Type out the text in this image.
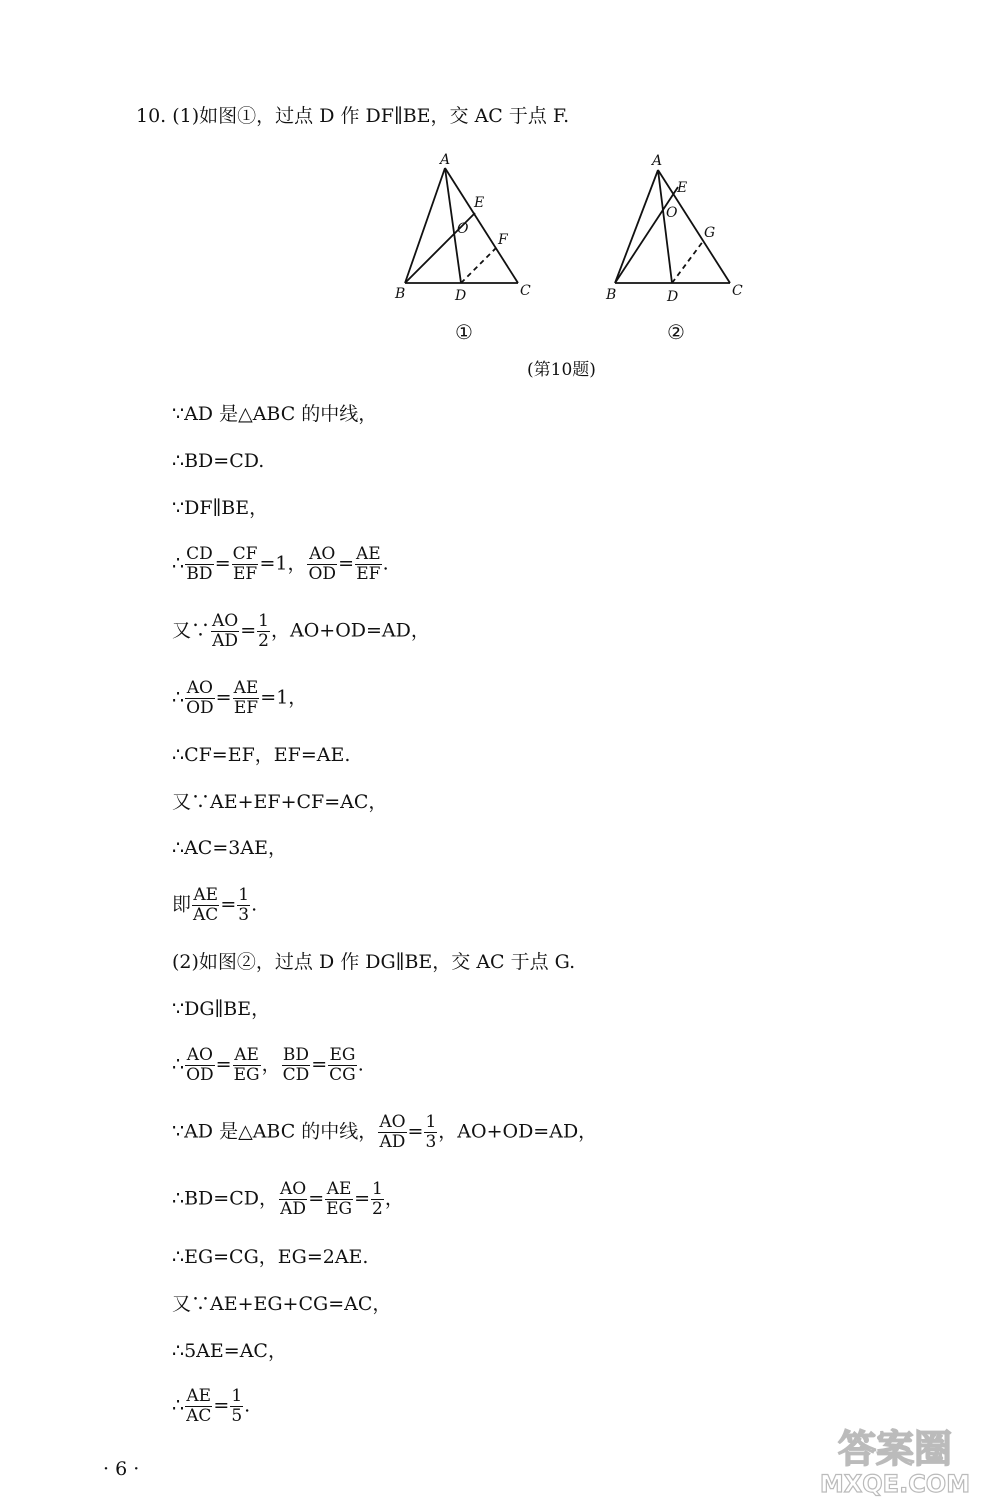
10. (1)如图①，过点 D 作 DF∥BE，交 AC 于点 F.
A
B	C
D
E
O
F
A
B	C
D
E
O
G
①	②
(第10题)
∵AD 是△ABC 的中线，
∴BD=CD.
∵DF∥BE，
∴ $\frac{CD}{BD} = \frac{CF}{EF} =1$， $\frac{AO}{OD} = \frac{AE}{EF}$ .
又∵ $\frac{AO}{AD} = \frac{1}{2}$ ，AO+OD=AD，
∴ $\frac{AO}{OD} = \frac{AE}{EF} =1$，
∴CF=EF，EF=AE.
又∵AE+EF+CF=AC，
∴AC=3AE，
即 $\frac{AE}{AC} = \frac{1}{3}$ .
(2)如图②，过点 D 作 DG∥BE，交 AC 于点 G.
∵DG∥BE，
∴ $\frac{AO}{OD} = \frac{AE}{EG}$ ， $\frac{BD}{CD} = \frac{EG}{CG}$ .
∵AD 是△ABC 的中线， $\frac{AO}{AD} = \frac{1}{3}$ ，AO+OD=AD，
∴BD=CD， $\frac{AO}{AD} = \frac{AE}{EG} = \frac{1}{2}$ ，
∴EG=CG，EG=2AE.
又∵AE+EG+CG=AC，
∴5AE=AC，
∴ $\frac{AE}{AC} = \frac{1}{5}$ .
· 6 ·	答案圈
MXQE.COM
